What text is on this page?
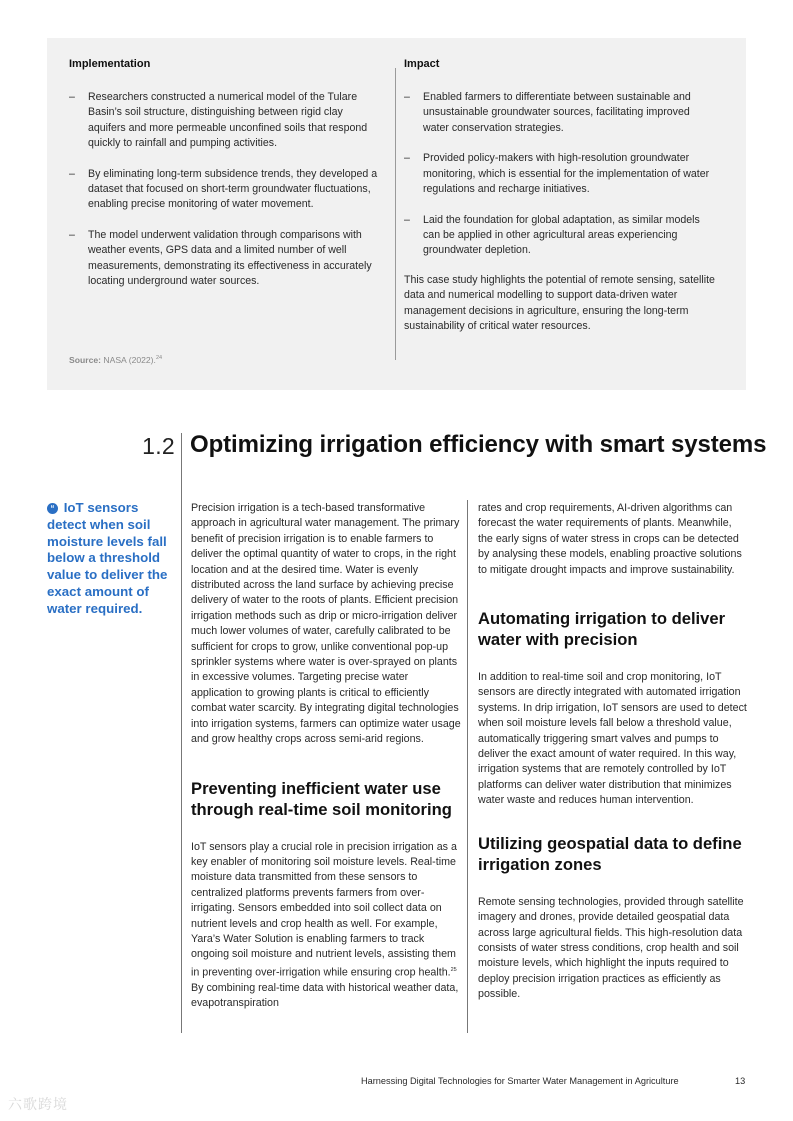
Implementation
– Researchers constructed a numerical model of the Tulare Basin’s soil structure, distinguishing between rigid clay aquifers and more permeable unconfined soils that respond quickly to rainfall and pumping activities.
– By eliminating long-term subsidence trends, they developed a dataset that focused on short-term groundwater fluctuations, enabling precise monitoring of water movement.
– The model underwent validation through comparisons with weather events, GPS data and a limited number of well measurements, demonstrating its effectiveness in accurately locating underground water sources.
Impact
– Enabled farmers to differentiate between sustainable and unsustainable groundwater sources, facilitating improved water conservation strategies.
– Provided policy-makers with high-resolution groundwater monitoring, which is essential for the implementation of water regulations and recharge initiatives.
– Laid the foundation for global adaptation, as similar models can be applied in other agricultural areas experiencing groundwater depletion.

This case study highlights the potential of remote sensing, satellite data and numerical modelling to support data-driven water management decisions in agriculture, ensuring the long-term sustainability of critical water resources.

Source: NASA (2022).$^{24}$
1.2 Optimizing irrigation efficiency with smart systems
“ IoT sensors detect when soil moisture levels fall below a threshold value to deliver the exact amount of water required.

Precision irrigation is a tech-based transformative approach in agricultural water management. The primary benefit of precision irrigation is to enable farmers to deliver the optimal quantity of water to crops, in the right location and at the desired time. Water is evenly distributed across the land surface by achieving precise delivery of water to the roots of plants. Efficient precision irrigation methods such as drip or micro-irrigation deliver much lower volumes of water, carefully calibrated to be sufficient for crops to grow, unlike conventional pop-up sprinkler systems where water is over-sprayed on plants in excessive volumes. Targeting precise water application to growing plants is critical to efficiently combat water scarcity. By integrating digital technologies into irrigation systems, farmers can optimize water usage and grow healthy crops across semi-arid regions.

Preventing inefficient water use through real-time soil monitoring

IoT sensors play a crucial role in precision irrigation as a key enabler of monitoring soil moisture levels. Real-time moisture data transmitted from these sensors to centralized platforms prevents farmers from over-irrigating. Sensors embedded into soil collect data on nutrient levels and crop health as well. For example, Yara’s Water Solution is enabling farmers to track ongoing soil moisture and nutrient levels, assisting them in preventing over-irrigation while ensuring crop health.$^{25}$ By combining real-time data with historical weather data, evapotranspiration

rates and crop requirements, AI-driven algorithms can forecast the water requirements of plants. Meanwhile, the early signs of water stress in crops can be detected by analysing these models, enabling proactive solutions to mitigate drought impacts and improve sustainability.

Automating irrigation to deliver water with precision

In addition to real-time soil and crop monitoring, IoT sensors are directly integrated with automated irrigation systems. In drip irrigation, IoT sensors are used to detect when soil moisture levels fall below a threshold value, automatically triggering smart valves and pumps to deliver the exact amount of water required. In this way, irrigation systems that are remotely controlled by IoT platforms can deliver water distribution that minimizes water waste and reduces human intervention.

Utilizing geospatial data to define irrigation zones

Remote sensing technologies, provided through satellite imagery and drones, provide detailed geospatial data across large agricultural fields. This high-resolution data consists of water stress conditions, crop health and soil moisture levels, which highlight the inputs required to deploy precision irrigation practices as efficiently as possible.

Harnessing Digital Technologies for Smarter Water Management in Agriculture	13
六歌跨境
